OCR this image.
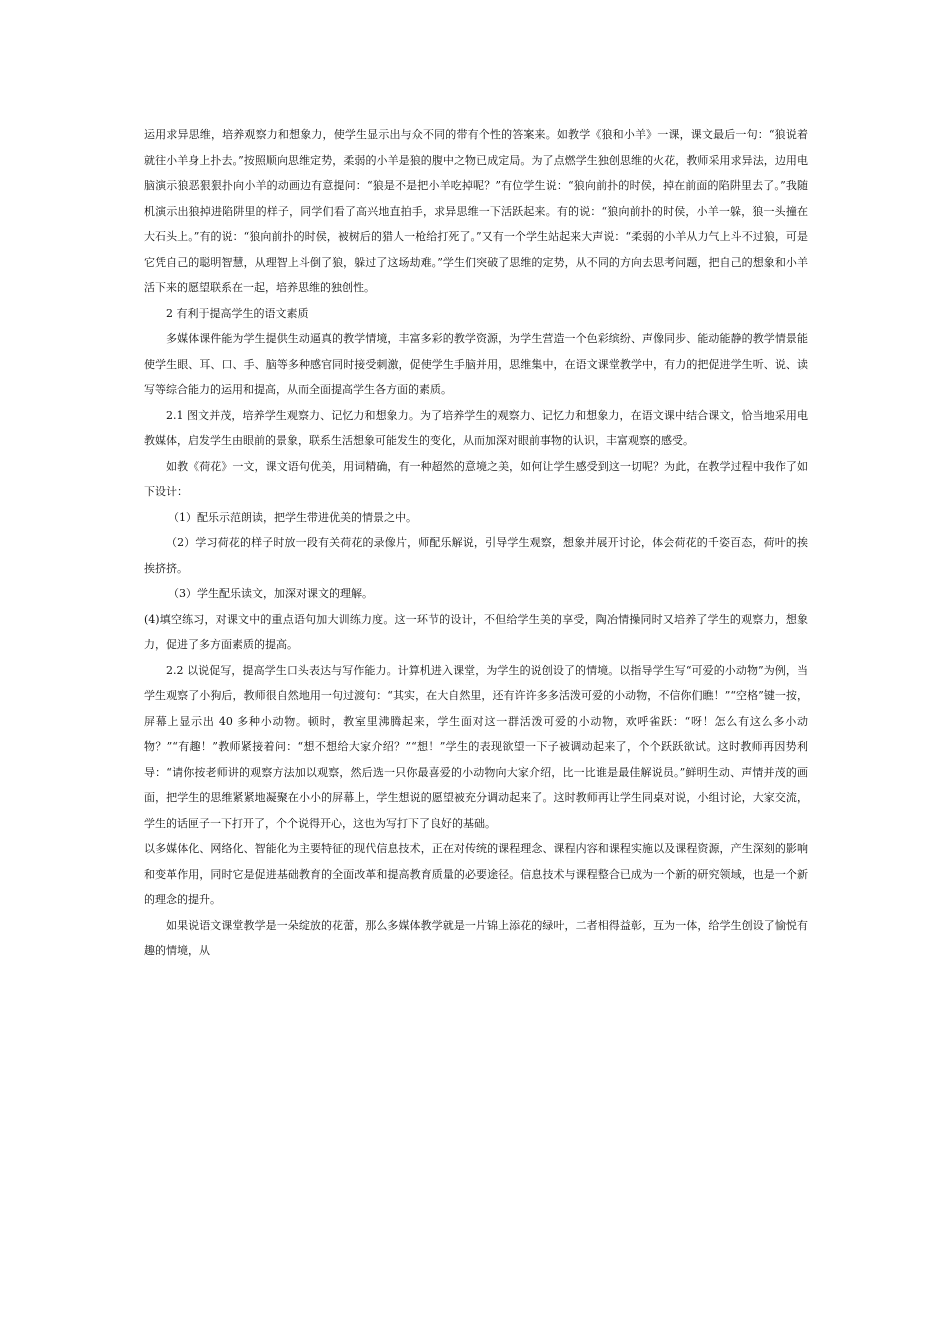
运用求异思维，培养观察力和想象力，使学生显示出与众不同的带有个性的答案来。如教学《狼和小羊》一课，课文最后一句：“狼说着就往小羊身上扑去。”按照顺向思维定势，柔弱的小羊是狼的腹中之物已成定局。为了点燃学生独创思维的火花，教师采用求异法，边用电脑演示狼恶狠狠扑向小羊的动画边有意提问：“狼是不是把小羊吃掉呢？”有位学生说：“狼向前扑的时侯，掉在前面的陷阱里去了。”我随机演示出狼掉进陷阱里的样子，同学们看了高兴地直拍手，求异思维一下活跃起来。有的说：“狼向前扑的时侯，小羊一躲，狼一头撞在大石头上。”有的说：“狼向前扑的时侯，被树后的猎人一枪给打死了。”又有一个学生站起来大声说：“柔弱的小羊从力气上斗不过狼，可是它凭自己的聪明智慧，从理智上斗倒了狼，躲过了这场劫难。”学生们突破了思维的定势，从不同的方向去思考问题，把自己的想象和小羊活下来的愿望联系在一起，培养思维的独创性。

2 有利于提高学生的语文素质

多媒体课件能为学生提供生动逼真的教学情境，丰富多彩的教学资源，为学生营造一个色彩缤纷、声像同步、能动能静的教学情景能使学生眼、耳、口、手、脑等多种感官同时接受刺激，促使学生手脑并用，思维集中，在语文课堂教学中，有力的把促进学生听、说、读写等综合能力的运用和提高，从而全面提高学生各方面的素质。

2.1 图文并茂，培养学生观察力、记忆力和想象力。为了培养学生的观察力、记忆力和想象力，在语文课中结合课文，恰当地采用电教媒体，启发学生由眼前的景象，联系生活想象可能发生的变化，从而加深对眼前事物的认识，丰富观察的感受。

如教《荷花》一文，课文语句优美，用词精确，有一种超然的意境之美，如何让学生感受到这一切呢？为此，在教学过程中我作了如下设计：

（1）配乐示范朗读，把学生带进优美的情景之中。

（2）学习荷花的样子时放一段有关荷花的录像片，师配乐解说，引导学生观察，想象并展开讨论，体会荷花的千姿百态，荷叶的挨挨挤挤。

（3）学生配乐读文，加深对课文的理解。

(4)填空练习，对课文中的重点语句加大训练力度。这一环节的设计，不但给学生美的享受，陶冶情操同时又培养了学生的观察力，想象力，促进了多方面素质的提高。

2.2 以说促写，提高学生口头表达与写作能力。计算机进入课堂，为学生的说创设了的情境。以指导学生写“可爱的小动物”为例，当学生观察了小狗后，教师很自然地用一句过渡句：“其实，在大自然里，还有许许多多活泼可爱的小动物，不信你们瞧！”“空格”键一按，屏幕上显示出 40 多种小动物。顿时，教室里沸腾起来，学生面对这一群活泼可爱的小动物，欢呼雀跃：“呀！怎么有这么多小动物？”“有趣！”教师紧接着问：“想不想给大家介绍？”“想！”学生的表现欲望一下子被调动起来了，个个跃跃欲试。这时教师再因势利导：“请你按老师讲的观察方法加以观察，然后选一只你最喜爱的小动物向大家介绍，比一比谁是最佳解说员。”鲜明生动、声情并茂的画面，把学生的思维紧紧地凝聚在小小的屏幕上，学生想说的愿望被充分调动起来了。这时教师再让学生同桌对说，小组讨论，大家交流，学生的话匣子一下打开了，个个说得开心，这也为写打下了良好的基础。

以多媒体化、网络化、智能化为主要特征的现代信息技术，正在对传统的课程理念、课程内容和课程实施以及课程资源，产生深刻的影响和变革作用，同时它是促进基础教育的全面改革和提高教育质量的必要途径。信息技术与课程整合已成为一个新的研究领域，也是一个新的理念的提升。

如果说语文课堂教学是一朵绽放的花蕾，那么多媒体教学就是一片锦上添花的绿叶，二者相得益彰，互为一体，给学生创设了愉悦有趣的情境，从
